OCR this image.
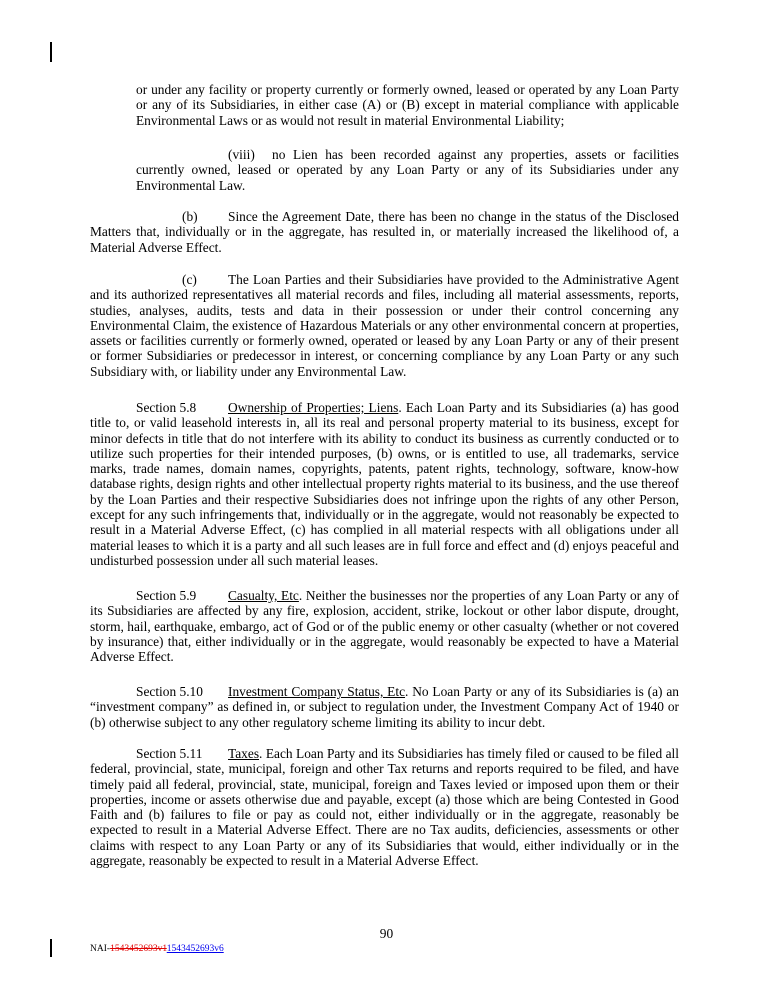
or under any facility or property currently or formerly owned, leased or operated by any Loan Party or any of its Subsidiaries, in either case (A) or (B) except in material compliance with applicable Environmental Laws or as would not result in material Environmental Liability;

(viii) no Lien has been recorded against any properties, assets or facilities currently owned, leased or operated by any Loan Party or any of its Subsidiaries under any Environmental Law.

(b) Since the Agreement Date, there has been no change in the status of the Disclosed Matters that, individually or in the aggregate, has resulted in, or materially increased the likelihood of, a Material Adverse Effect.

(c) The Loan Parties and their Subsidiaries have provided to the Administrative Agent and its authorized representatives all material records and files, including all material assessments, reports, studies, analyses, audits, tests and data in their possession or under their control concerning any Environmental Claim, the existence of Hazardous Materials or any other environmental concern at properties, assets or facilities currently or formerly owned, operated or leased by any Loan Party or any of their present or former Subsidiaries or predecessor in interest, or concerning compliance by any Loan Party or any such Subsidiary with, or liability under any Environmental Law.

Section 5.8 Ownership of Properties; Liens. Each Loan Party and its Subsidiaries (a) has good title to, or valid leasehold interests in, all its real and personal property material to its business, except for minor defects in title that do not interfere with its ability to conduct its business as currently conducted or to utilize such properties for their intended purposes, (b) owns, or is entitled to use, all trademarks, service marks, trade names, domain names, copyrights, patents, patent rights, technology, software, know-how database rights, design rights and other intellectual property rights material to its business, and the use thereof by the Loan Parties and their respective Subsidiaries does not infringe upon the rights of any other Person, except for any such infringements that, individually or in the aggregate, would not reasonably be expected to result in a Material Adverse Effect, (c) has complied in all material respects with all obligations under all material leases to which it is a party and all such leases are in full force and effect and (d) enjoys peaceful and undisturbed possession under all such material leases.

Section 5.9 Casualty, Etc. Neither the businesses nor the properties of any Loan Party or any of its Subsidiaries are affected by any fire, explosion, accident, strike, lockout or other labor dispute, drought, storm, hail, earthquake, embargo, act of God or of the public enemy or other casualty (whether or not covered by insurance) that, either individually or in the aggregate, would reasonably be expected to have a Material Adverse Effect.

Section 5.10 Investment Company Status, Etc. No Loan Party or any of its Subsidiaries is (a) an “investment company” as defined in, or subject to regulation under, the Investment Company Act of 1940 or (b) otherwise subject to any other regulatory scheme limiting its ability to incur debt.

Section 5.11 Taxes. Each Loan Party and its Subsidiaries has timely filed or caused to be filed all federal, provincial, state, municipal, foreign and other Tax returns and reports required to be filed, and have timely paid all federal, provincial, state, municipal, foreign and Taxes levied or imposed upon them or their properties, income or assets otherwise due and payable, except (a) those which are being Contested in Good Faith and (b) failures to file or pay as could not, either individually or in the aggregate, reasonably be expected to result in a Material Adverse Effect. There are no Tax audits, deficiencies, assessments or other claims with respect to any Loan Party or any of its Subsidiaries that would, either individually or in the aggregate, reasonably be expected to result in a Material Adverse Effect.

90
NAI-1543452693v11543452693v6
